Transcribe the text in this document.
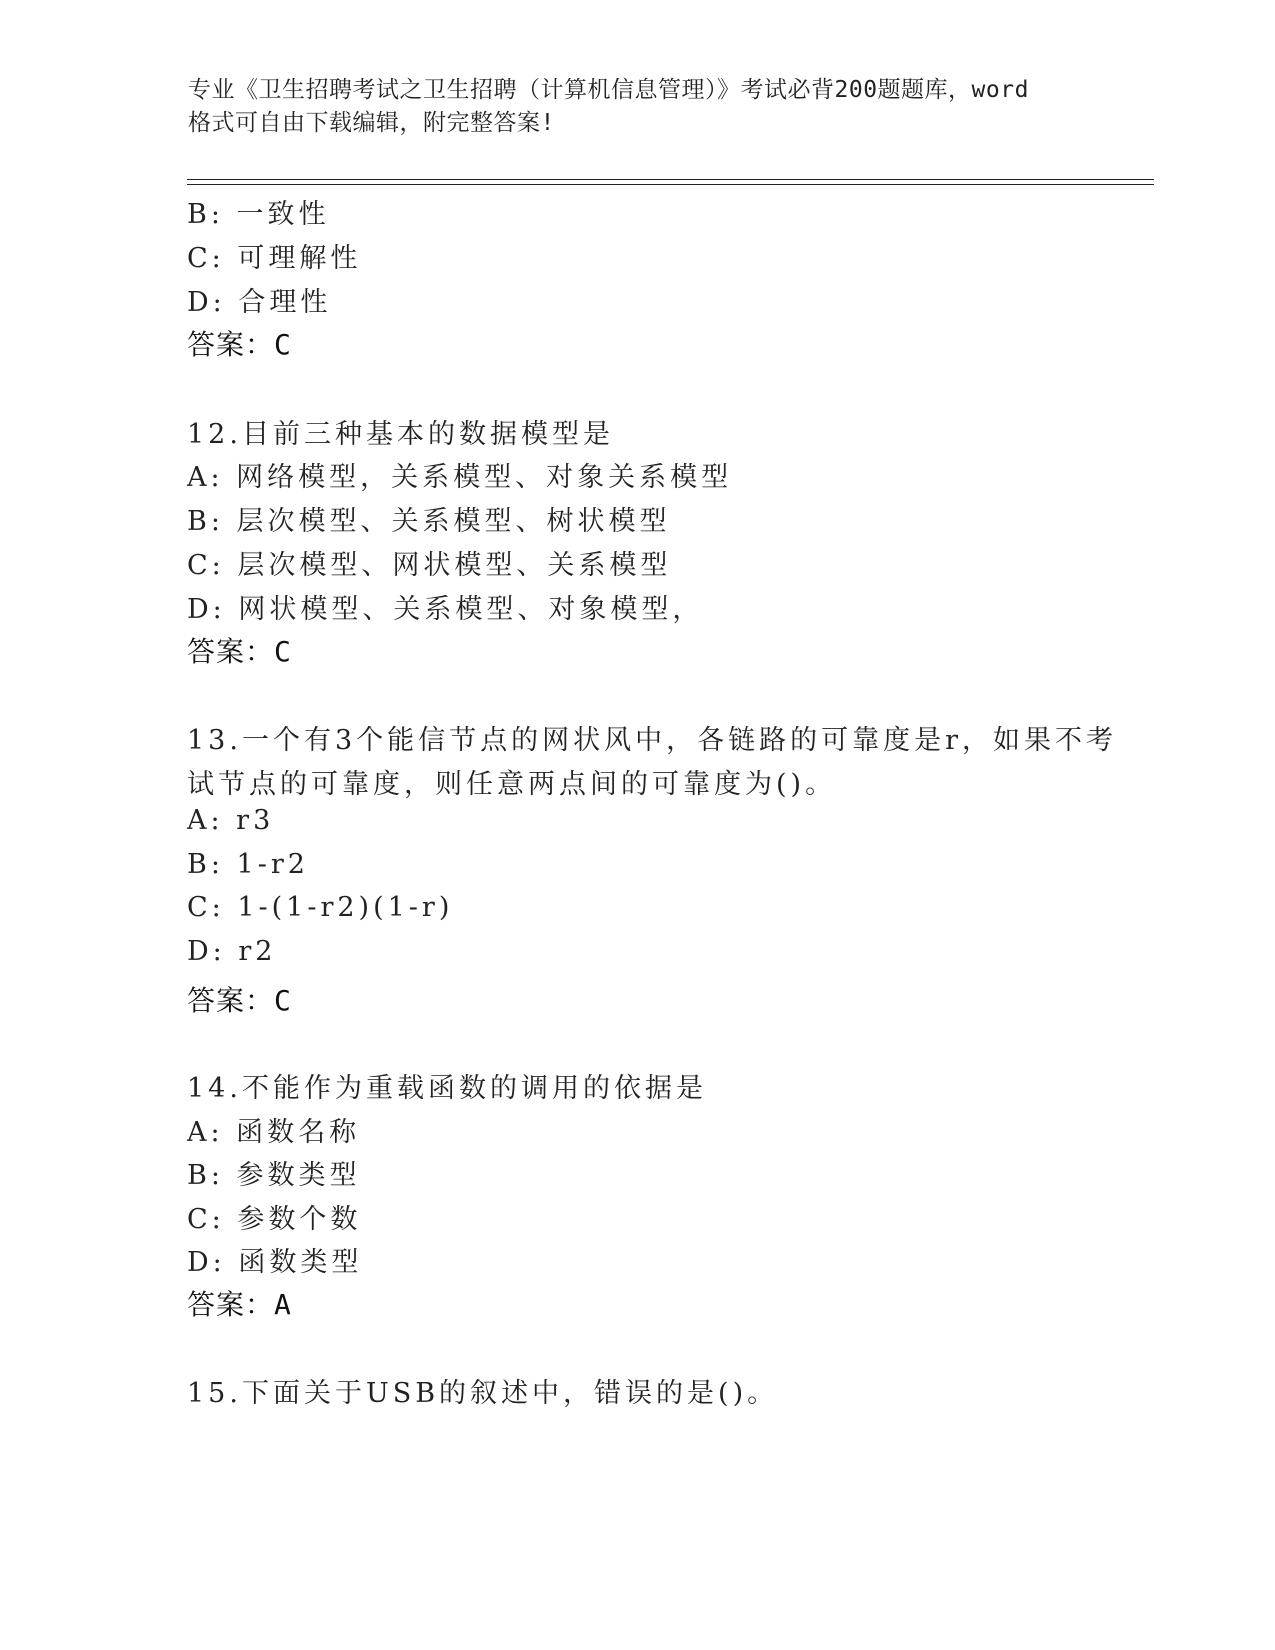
专业《卫生招聘考试之卫生招聘（计算机信息管理）》考试必背200题题库，word
格式可自由下载编辑，附完整答案!
B: 一致性
C: 可理解性
D: 合理性
答案：C
12.目前三种基本的数据模型是
A: 网络模型，关系模型、对象关系模型
B: 层次模型、关系模型、树状模型
C: 层次模型、网状模型、关系模型
D: 网状模型、关系模型、对象模型，
答案：C
13.一个有3个能信节点的网状风中，各链路的可靠度是r，如果不考
试节点的可靠度，则任意两点间的可靠度为()。
A: r3
B: 1-r2
C: 1-(1-r2)(1-r)
D: r2
答案：C
14.不能作为重载函数的调用的依据是
A: 函数名称
B: 参数类型
C: 参数个数
D: 函数类型
答案：A
15.下面关于USB的叙述中，错误的是()。
